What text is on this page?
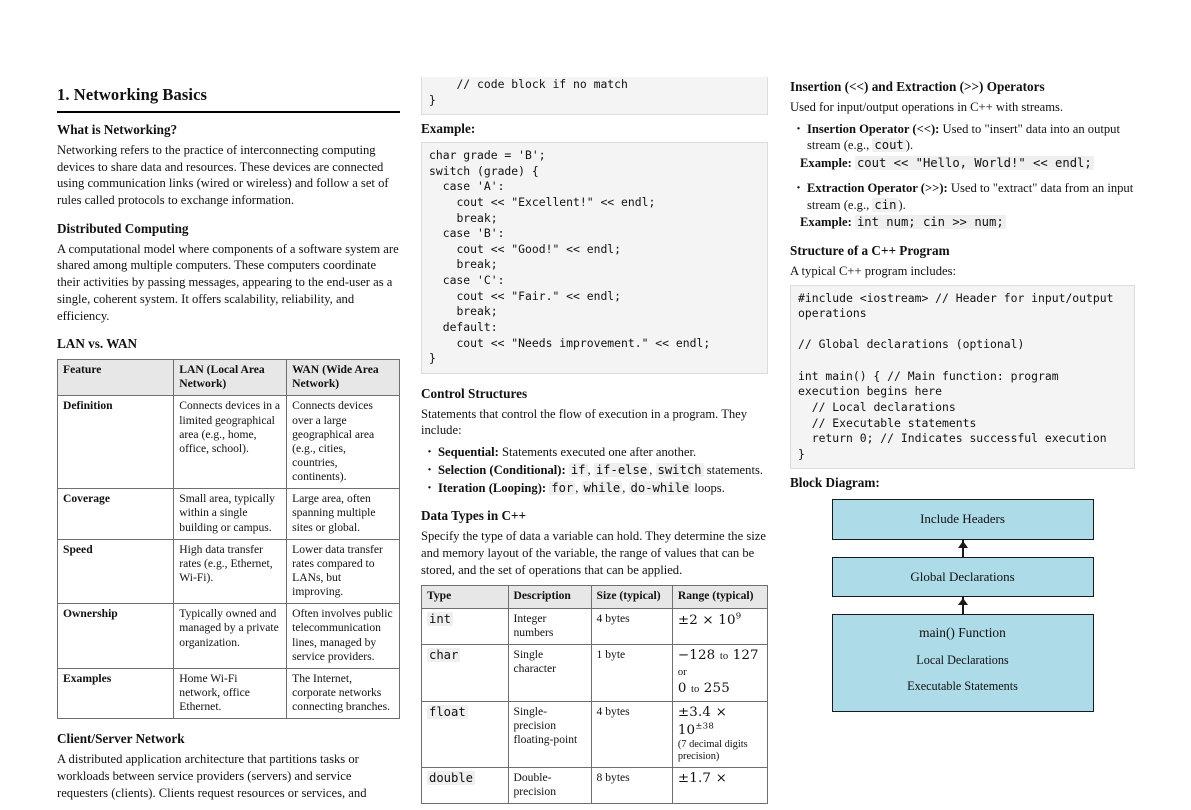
1. Networking Basics
What is Networking?

Networking refers to the practice of interconnecting computing devices to share data and resources. These devices are connected using communication links (wired or wireless) and follow a set of rules called protocols to exchange information.

Distributed Computing

A computational model where components of a software system are shared among multiple computers. These computers coordinate their activities by passing messages, appearing to the end-user as a single, coherent system. It offers scalability, reliability, and efficiency.

LAN vs. WAN
Feature	LAN (Local Area Network)	WAN (Wide Area Network)
Definition	Connects devices in a limited geographical area (e.g., home, office, school).	Connects devices over a large geographical area (e.g., cities, countries, continents).
Coverage	Small area, typically within a single building or campus.	Large area, often spanning multiple sites or global.
Speed	High data transfer rates (e.g., Ethernet, Wi-Fi).	Lower data transfer rates compared to LANs, but improving.
Ownership	Typically owned and managed by a private organization.	Often involves public telecommunication lines, managed by service providers.
Examples	Home Wi-Fi network, office Ethernet.	The Internet, corporate networks connecting branches.
Client/Server Network

A distributed application architecture that partitions tasks or workloads between service providers (servers) and service requesters (clients). Clients request resources or services, and

// code block if no match
}
Example:
char grade = 'B';
switch (grade) {
case 'A':
cout << "Excellent!" << endl;
break;
case 'B':
cout << "Good!" << endl;
break;
case 'C':
cout << "Fair." << endl;
break;
default:
cout << "Needs improvement." << endl;
}
Control Structures

Statements that control the flow of execution in a program. They include:

· Sequential: Statements executed one after another.
· Selection (Conditional): if , if-else , switch statements.
· Iteration (Looping): for , while , do-while loops.
Data Types in C++

Specify the type of data a variable can hold. They determine the size and memory layout of the variable, the range of values that can be stored, and the set of operations that can be applied.

Type	Description	Size (typical)	Range (typical)
int	Integer numbers	4 bytes	$\pm 2 \times 10^9$
char	Single character	1 byte	−128 to 127 or
0 to 255
float	Single-precision floating-point	4 bytes	$\pm 3.4 \times 10^{\pm 38}$
(7 decimal digits precision)

double	Double-precision	8 bytes	±1.7 ×
Insertion (<<) and Extraction (>>) Operators

Used for input/output operations in C++ with streams.

· Insertion Operator (<<): Used to "insert" data into an output stream (e.g., cout ).
Example: cout << "Hello, World!" << endl;
· Extraction Operator (>>): Used to "extract" data from an input stream (e.g., cin ).
Example: int num; cin >> num;
Structure of a C++ Program

A typical C++ program includes:

#include <iostream> // Header for input/output operations

// Global declarations (optional)

int main() { // Main function: program execution begins here
// Local declarations
// Executable statements
return 0; // Indicates successful execution
}
Block Diagram:
Include Headers
Global Declarations
main() Function
Local Declarations
Executable Statements
